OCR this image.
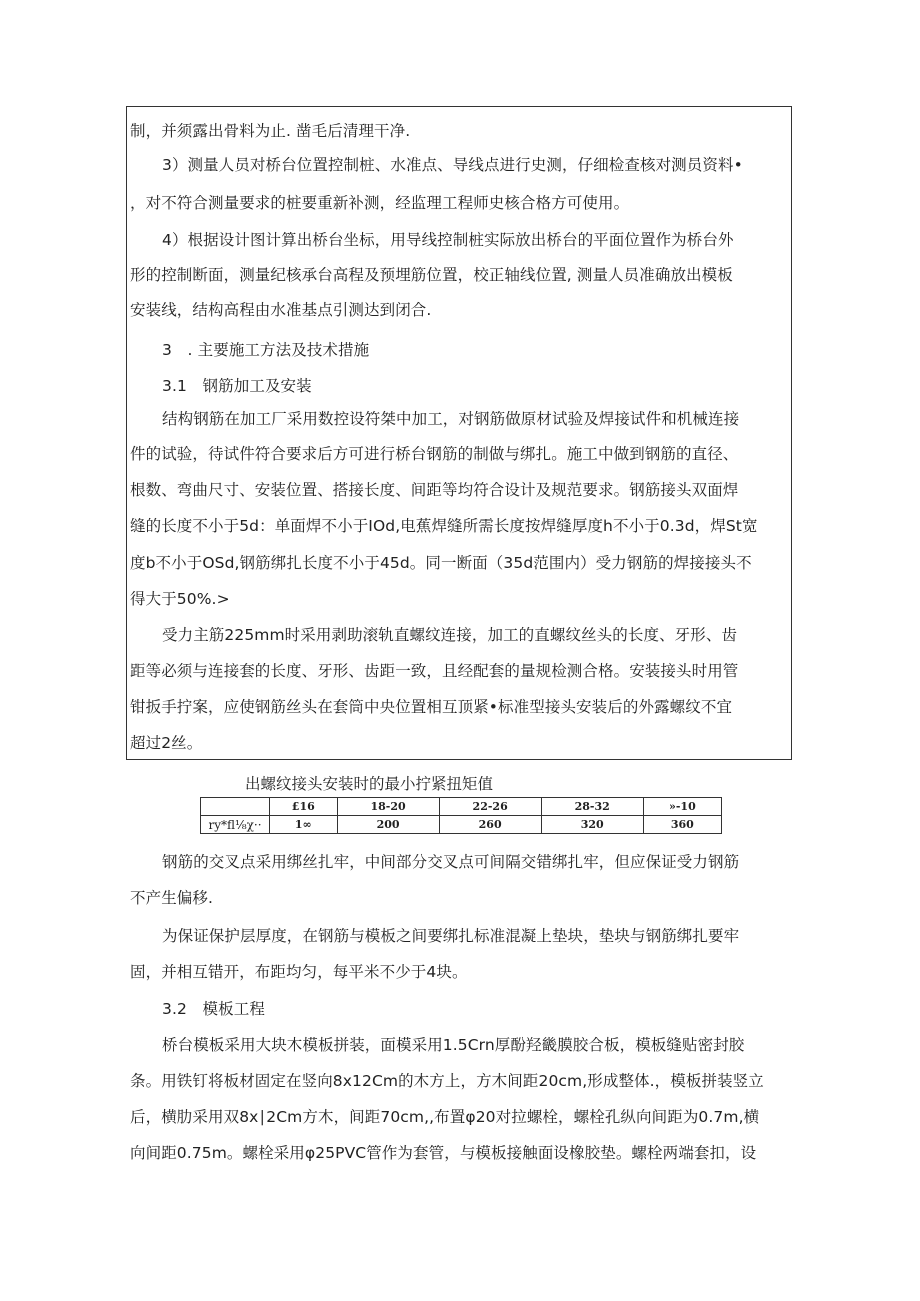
制，并须露出骨料为止. 凿毛后清理干净.
3）测量人员对桥台位置控制桩、水准点、导线点进行史测，仔细检查核对测员资料•
，对不符合测量要求的桩要重新补测，经监理工程师史核合格方可使用。
4）根据设计图计算出桥台坐标，用导线控制桩实际放出桥台的平面位置作为桥台外
形的控制断面，测量纪核承台高程及预埋筋位置，校正轴线位置, 测量人员准确放出模板
安装线，结构高程由水准基点引测达到闭合.
3　. 主要施工方法及技术措施
3.1　钢筋加工及安装
结构钢筋在加工厂采用数控设符桀中加工，对钢筋做原材试验及焊接试件和机械连接
件的试验，待试件符合要求后方可进行桥台钢筋的制做与绑扎。施工中做到钢筋的直径、
根数、弯曲尺寸、安装位置、搭接长度、间距等均符合设计及规范要求。钢筋接头双面焊
缝的长度不小于5d：单面焊不小于IOd,电蕉焊缝所需长度按焊缝厚度h不小于0.3d，焊St宽
度b不小于OSd,钢筋绑扎长度不小于45d。同一断面（35d范围内）受力钢筋的焊接接头不
得大于50%.>
受力主筋225mm时采用剥助滚轨直螺纹连接，加工的直螺纹丝头的长度、牙形、齿
距等必须与连接套的长度、牙形、齿距一致，且经配套的量规检测合格。安装接头时用管
钳扳手拧案，应使钢筋丝头在套筒中央位置相互顶紧•标准型接头安装后的外露螺纹不宜
超过2丝。
出螺纹接头安装时的最小拧紧扭矩值
	£16	18-20	22-26	28-32	»-10
ry*fl⅛χ··	1∞	200	260	320	360
钢筋的交叉点采用绑丝扎牢，中间部分交叉点可间隔交错绑扎牢，但应保证受力钢筋
不产生偏移.
为保证保护层厚度，在钢筋与模板之间要绑扎标准混凝上垫块，垫块与钢筋绑扎要牢
固，并相互错开，布距均匀，每平米不少于4块。
3.2　模板工程
桥台模板采用大块木模板拼装，面模采用1.5Crn厚酚羟畿膜胶合板，模板缝贴密封胶
条。用铁钉将板材固定在竖向8x12Cm的木方上，方木间距20cm,形成整体.，模板拼装竖立
后，横肋采用双8x∣2Cm方木，间距70cm,,布置φ20对拉螺栓，螺栓孔纵向间距为0.7m,横
向间距0.75m。螺栓采用φ25PVC管作为套管，与模板接触面设橡胶垫。螺栓两端套扣，设
